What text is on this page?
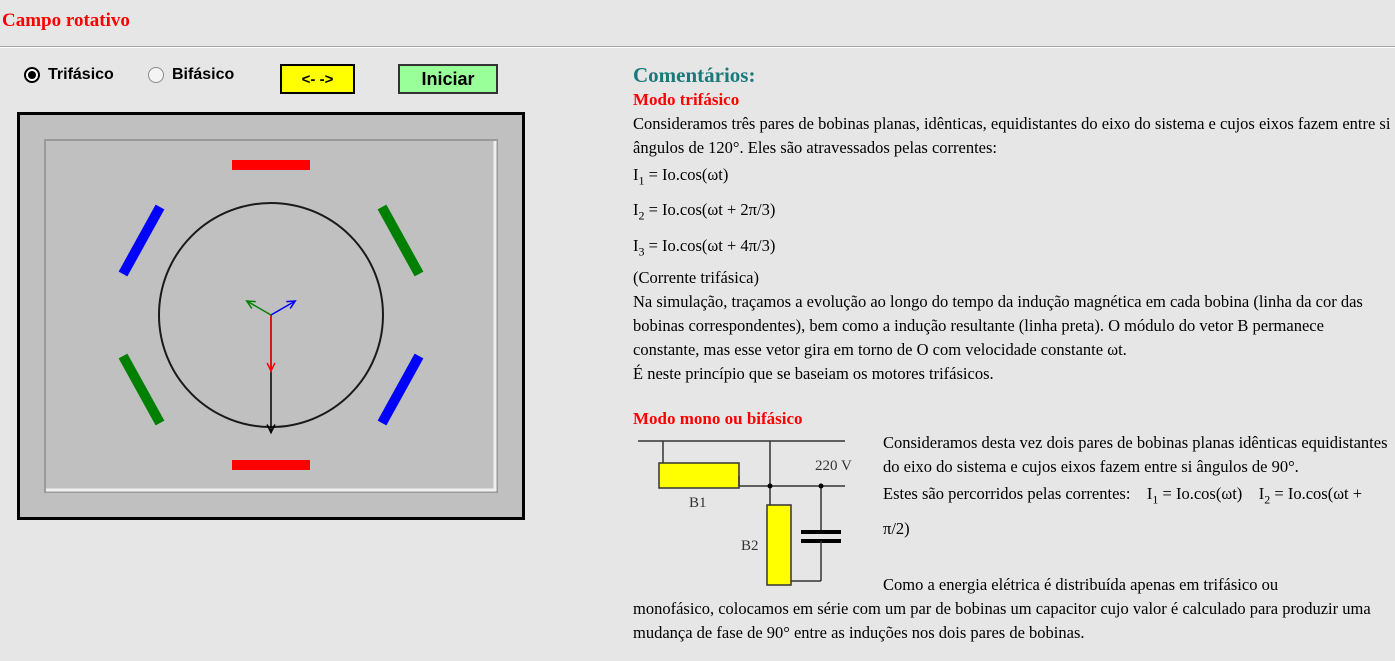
Campo rotativo
Trifásico	Bifásico	<- ->	Iniciar	Comentários:
Modo trifásico

Consideramos três pares de bobinas planas, idênticas, equidistantes do eixo do sistema e cujos eixos fazem entre si ângulos de 120°. Eles são atravessados pelas correntes:

$I_1 = Io.\cos(\omega t)$
$I_2 = Io.\cos(\omega t + 2\pi/3)$
$I_3 = Io.\cos(\omega t + 4\pi/3)$

(Corrente trifásica)

Na simulação, traçamos a evolução ao longo do tempo da indução magnética em cada bobina (linha da cor das bobinas correspondentes), bem como a indução resultante (linha preta). O módulo do vetor B permanece constante, mas esse vetor gira em torno de O com velocidade constante ωt.

É neste princípio que se baseiam os motores trifásicos.

Modo mono ou bifásico
B1
220 V
B2

Consideramos desta vez dois pares de bobinas planas idênticas equidistantes do eixo do sistema e cujos eixos fazem entre si ângulos de 90°.

Estes são percorridos pelas correntes: $I_1 = Io.\cos(\omega t) I_2 = Io.\cos(\omega t + \pi/2)$

Como a energia elétrica é distribuída apenas em trifásico ou

monofásico, colocamos em série com um par de bobinas um capacitor cujo valor é calculado para produzir uma mudança de fase de 90° entre as induções nos dois pares de bobinas.
